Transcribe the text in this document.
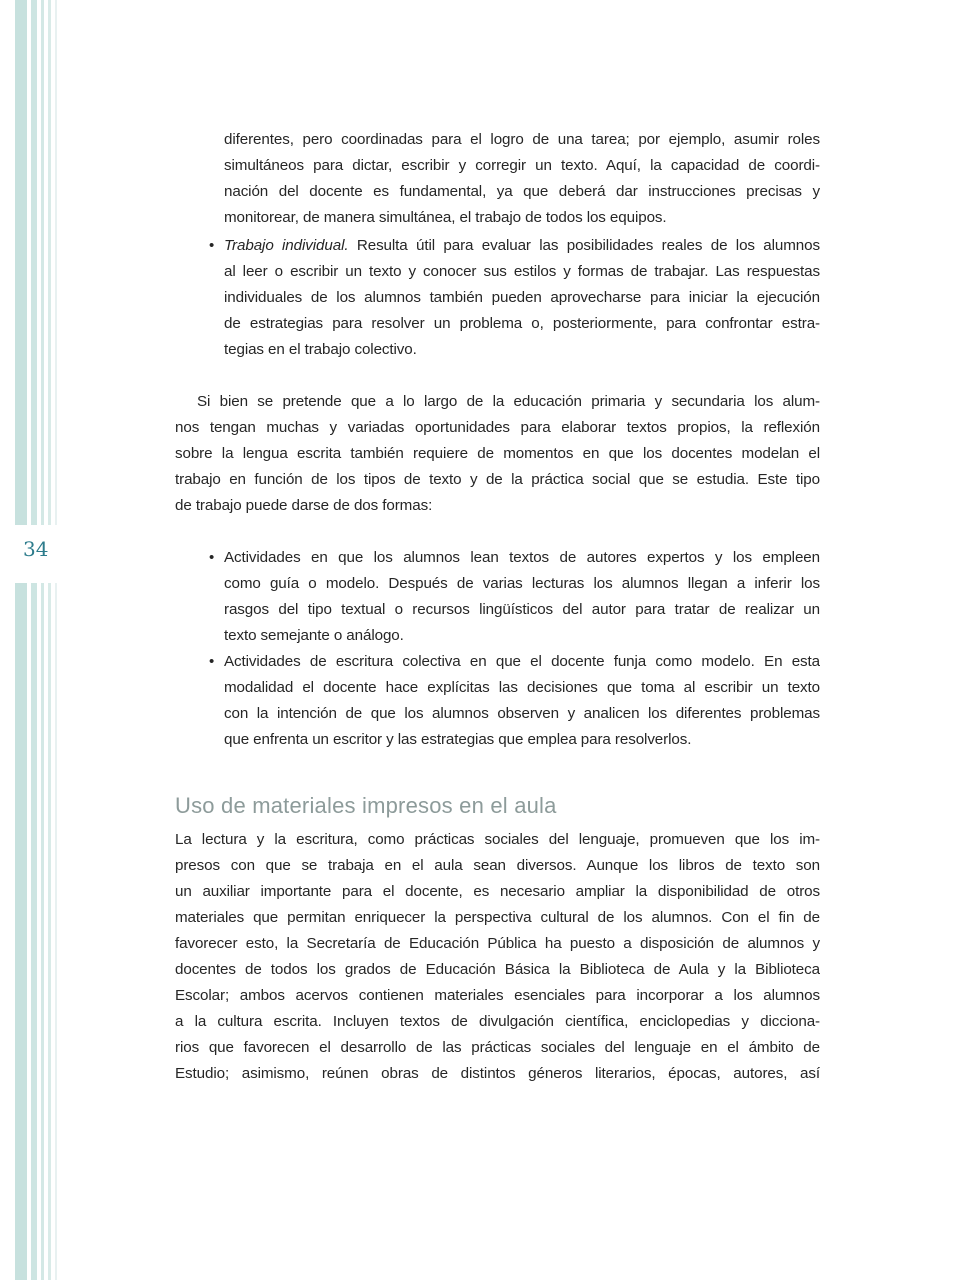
34
diferentes, pero coordinadas para el logro de una tarea; por ejemplo, asumir roles
simultáneos para dictar, escribir y corregir un texto. Aquí, la capacidad de coordi-
nación del docente es fundamental, ya que deberá dar instrucciones precisas y
monitorear, de manera simultánea, el trabajo de todos los equipos.
• Trabajo individual. Resulta útil para evaluar las posibilidades reales de los alumnos
al leer o escribir un texto y conocer sus estilos y formas de trabajar. Las respuestas
individuales de los alumnos también pueden aprovecharse para iniciar la ejecución
de estrategias para resolver un problema o, posteriormente, para confrontar estra-
tegias en el trabajo colectivo.
Si bien se pretende que a lo largo de la educación primaria y secundaria los alum-
nos tengan muchas y variadas oportunidades para elaborar textos propios, la reflexión
sobre la lengua escrita también requiere de momentos en que los docentes modelan el
trabajo en función de los tipos de texto y de la práctica social que se estudia. Este tipo
de trabajo puede darse de dos formas:
• Actividades en que los alumnos lean textos de autores expertos y los empleen
como guía o modelo. Después de varias lecturas los alumnos llegan a inferir los
rasgos del tipo textual o recursos lingüísticos del autor para tratar de realizar un
texto semejante o análogo.
• Actividades de escritura colectiva en que el docente funja como modelo. En esta
modalidad el docente hace explícitas las decisiones que toma al escribir un texto
con la intención de que los alumnos observen y analicen los diferentes problemas
que enfrenta un escritor y las estrategias que emplea para resolverlos.
Uso de materiales impresos en el aula
La lectura y la escritura, como prácticas sociales del lenguaje, promueven que los im-
presos con que se trabaja en el aula sean diversos. Aunque los libros de texto son
un auxiliar importante para el docente, es necesario ampliar la disponibilidad de otros
materiales que permitan enriquecer la perspectiva cultural de los alumnos. Con el fin de
favorecer esto, la Secretaría de Educación Pública ha puesto a disposición de alumnos y
docentes de todos los grados de Educación Básica la Biblioteca de Aula y la Biblioteca
Escolar; ambos acervos contienen materiales esenciales para incorporar a los alumnos
a la cultura escrita. Incluyen textos de divulgación científica, enciclopedias y dicciona-
rios que favorecen el desarrollo de las prácticas sociales del lenguaje en el ámbito de
Estudio; asimismo, reúnen obras de distintos géneros literarios, épocas, autores, así
